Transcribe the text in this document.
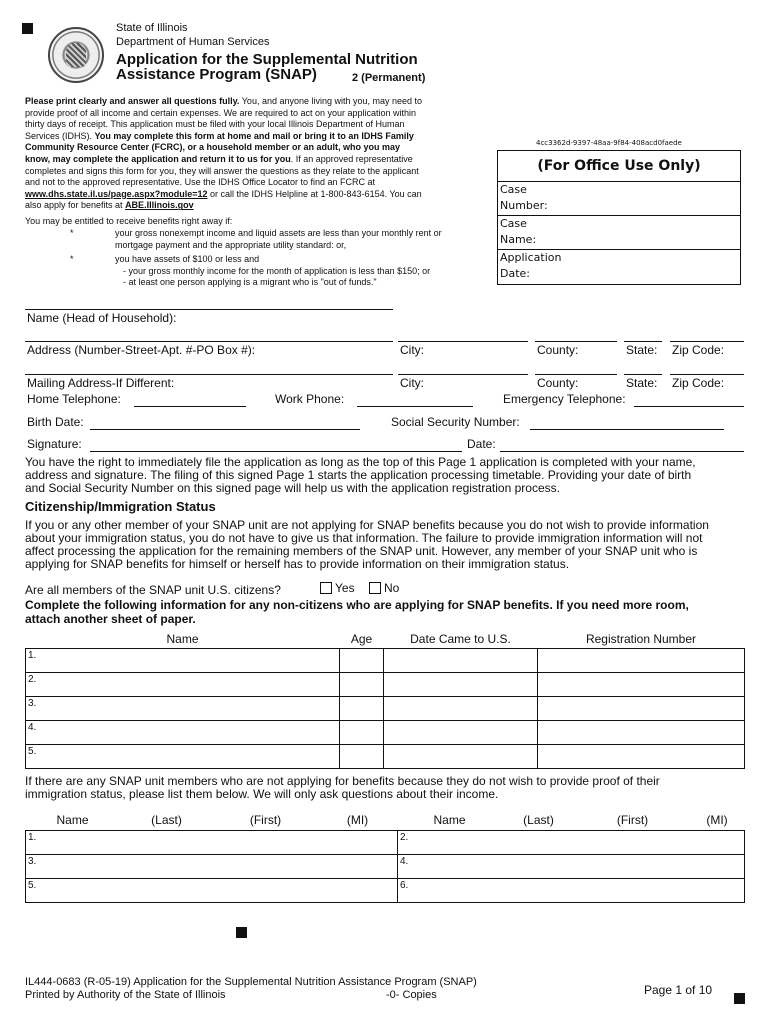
State of Illinois
Department of Human Services
Application for the Supplemental Nutrition
Assistance Program (SNAP)	2 (Permanent)
Please print clearly and answer all questions fully. You, and anyone living with you, may need to
provide proof of all income and certain expenses. We are required to act on your application within
thirty days of receipt. This application must be filed with your local Illinois Department of Human
Services (IDHS). You may complete this form at home and mail or bring it to an IDHS Family
Community Resource Center (FCRC), or a household member or an adult, who you may
know, may complete the application and return it to us for you. If an approved representative
completes and signs this form for you, they will answer the questions as they relate to the applicant
and not to the approved representative. Use the IDHS Office Locator to find an FCRC at
www.dhs.state.il.us/page.aspx?module=12 or call the IDHS Helpline at 1-800-843-6154. You can
also apply for benefits at ABE.Illinois.gov
You may be entitled to receive benefits right away if:
*	your gross nonexempt income and liquid assets are less than your monthly rent or
mortgage payment and the appropriate utility standard: or,
*	you have assets of $100 or less and
- your gross monthly income for the month of application is less than $150; or
- at least one person applying is a migrant who is "out of funds."
4cc3362d-9397-48aa-9f84-408acd0faede
(For Office Use Only)
Case
Number:
Case
Name:
Application
Date:
Name (Head of Household):
Address (Number-Street-Apt. #-PO Box #):	City:	County:	State: Zip Code:
Mailing Address-If Different:	City:	County:	State: Zip Code:
Home Telephone:	Work Phone:	Emergency Telephone:
Birth Date:	Social Security Number:
Signature:	Date:
You have the right to immediately file the application as long as the top of this Page 1 application is completed with your name,
address and signature. The filing of this signed Page 1 starts the application processing timetable. Providing your date of birth
and Social Security Number on this signed page will help us with the application registration process.
Citizenship/Immigration Status
If you or any other member of your SNAP unit are not applying for SNAP benefits because you do not wish to provide information
about your immigration status, you do not have to give us that information. The failure to provide immigration information will not
affect processing the application for the remaining members of the SNAP unit. However, any member of your SNAP unit who is
applying for SNAP benefits for himself or herself has to provide information on their immigration status.
Are all members of the SNAP unit U.S. citizens?	Yes	No
Complete the following information for any non-citizens who are applying for SNAP benefits. If you need more room,
attach another sheet of paper.
Name	Age	Date Came to U.S.	Registration Number
1.			
2.			
3.			
4.			
5.			
If there are any SNAP unit members who are not applying for benefits because they do not wish to provide proof of their
immigration status, please list them below. We will only ask questions about their income.
Name	(Last)	(First)	(MI)	Name	(Last)	(First)	(MI)
1.				2.			
3.				4.			
5.				6.			
IL444-0683 (R-05-19) Application for the Supplemental Nutrition Assistance Program (SNAP)
Printed by Authority of the State of Illinois	-0- Copies	Page 1 of 10
